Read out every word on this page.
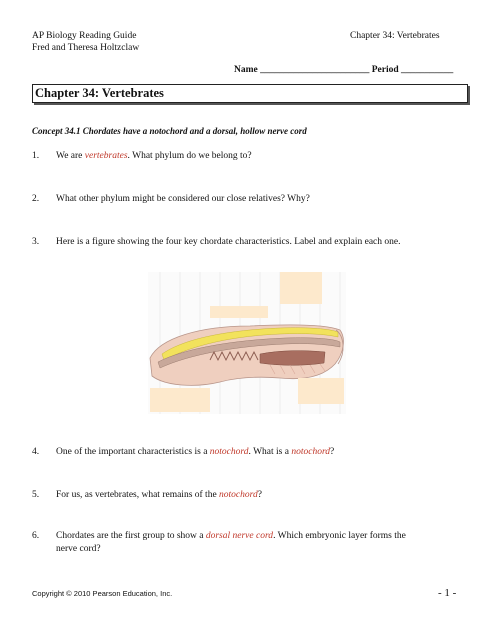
AP Biology Reading Guide
Fred and Theresa Holtzclaw
Chapter 34: Vertebrates
Name _______________________ Period ___________
Chapter 34: Vertebrates
Concept 34.1 Chordates have a notochord and a dorsal, hollow nerve cord
1. We are vertebrates. What phylum do we belong to?
2. What other phylum might be considered our close relatives? Why?
3. Here is a figure showing the four key chordate characteristics. Label and explain each one.
4. One of the important characteristics is a notochord. What is a notochord?
5. For us, as vertebrates, what remains of the notochord?
6. Chordates are the first group to show a dorsal nerve cord. Which embryonic layer forms the
nerve cord?
Copyright © 2010 Pearson Education, Inc.	- 1 -
